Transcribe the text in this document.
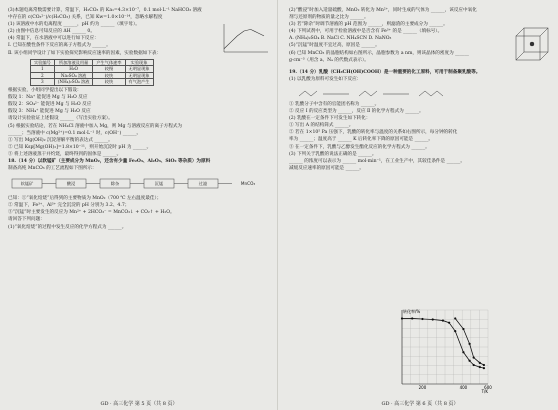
(3)本题电离常数需要计算，常温下，H₂CO₃ 的 Ka₁=4.3×10⁻⁷，0.1 mol·L⁻¹ NaHCO₃ 溶液

中存在的 c(CO₃²⁻)/c(H₂CO₃) 关系，已知 Kw=1.0×10⁻¹⁴，忽略水解程度

(1) 该溶液中水的电离程度 ______，pH 约为 ______（填字母）。

(2) 由图中信息可知反应的 ΔH ______ 0。

(4) 常温下，在水溶液中可以进行如下反应：

I. 已知在酸性条件下反应的离子方程式为 ______。

Ⅱ. 该小组同学设计了如下实验探究影响反应速率的因素，实验数据如下表：

实验编号	所加溶液及用量	产生气体速率	实验现象
1	H₂O	较慢	无明显现象
2	Na₂SO₄ 溶液	较快	无明显现象
3	(NH₄)₂SO₄ 溶液	较快	有气泡产生

根据实验，小组同学提出以下假设：

假设 1：Na⁺ 能促进 Mg 与 H₂O 反应

假设 2：SO₄²⁻ 能促进 Mg 与 H₂O 反应

假设 3：NH₄⁺ 能促进 Mg 与 H₂O 反应

请设计实验验证上述假设 ______（写出实验方案）。

(5) 根据实验结论，若在 NH₄Cl 溶液中加入 Mg，则 Mg 与溶液反应的离子方程式为

______；当溶液中 c(Mg²⁺)=0.1 mol·L⁻¹ 时，c(OH⁻) ______。

① 写出 Mg(OH)₂ 沉淀溶解平衡的表达式 ______。

② 已知 Ksp[Mg(OH)₂]=1.8×10⁻¹¹，则开始沉淀时 pH 为 ______。

③ 将上述溶液蒸干并灼烧，最终得到的固体是 ______。

18.（14 分）以软锰矿（主要成分为 MnO₂，还含有少量 Fe₂O₃、Al₂O₃、SiO₂ 等杂质）为原料

制备高纯 MnCO₃ 的工艺流程如下图所示：

软锰矿	酸浸	除杂	沉锰	过滤	MnCO₃

已知：①“氧化焙烧”后得到的主要物质为 MnO₂（700 ℃ 左右温度最佳）；

② 常温下，Fe³⁺、Al³⁺ 完全沉淀的 pH 分别为 3.2、4.7；

③“沉锰”时主要发生的反应为 Mn²⁺ + 2HCO₃⁻ = MnCO₃↓ + CO₂↑ + H₂O。

请回答下列问题：

(1)“氧化焙烧”的过程中发生反应的化学方程式为 ______。

GD · 高三化学 第 5 页（共 8 页）

(2)“酸浸”时加入适量硫酸，MnO₂ 转化为 Mn²⁺，同时生成的气体为 ______，该反应中氧化

剂与还原剂的物质的量之比为 ______。

(3) 若“除杂”时调节溶液的 pH 范围为 ______，则滤渣的主要成分为 ______。

(4) 下列试剂中，可用于检验溶液中是否含有 Fe³⁺ 的是 ______（填标号）。

A. (NH₄)₂SO₄ B. NaCl C. NH₄SCN D. NaNO₃

(5)“沉锰”时温度不宜过高，原因是 ______。

(6) 已知 MnCO₃ 的晶胞结构如右图所示，晶胞参数为 a nm，则该晶体的密度为 ______

g·cm⁻³（用含 a、Nₐ 的代数式表示）。

19.（14 分）乳酸（CH₃CH(OH)COOH）是一种重要的化工原料，可用于制备聚乳酸等。

(1) 以乳酸为原料可发生如下反应：

① 乳酸分子中含有的官能团名称为 ______。

② 反应 I 的反应类型为 ______，反应 Ⅱ 的化学方程式为 ______。

(2) 乳酸在一定条件下可发生如下转化：

① 写出 A 的结构简式 ______。

② 若在 1×10⁵ Pa 压强下，乳酸的转化率与温度的关系如右图所示，每分钟的转化

率为 ______；温度高于 ______ K 后转化率下降的原因可能是 ______。

③ 在一定条件下，乳酸与乙醇发生酯化反应的化学方程式为 ______。

(3) 下列关于乳酸的说法正确的是 ______。

______ 的浓度可以表示为 ______ mol·min⁻¹，在工业生产中，其较佳条件是 ______。

减缓反应速率的原因可能是 ______。

200	400	600
T/K
转化率/%
GD · 高三化学 第 6 页（共 8 页）
